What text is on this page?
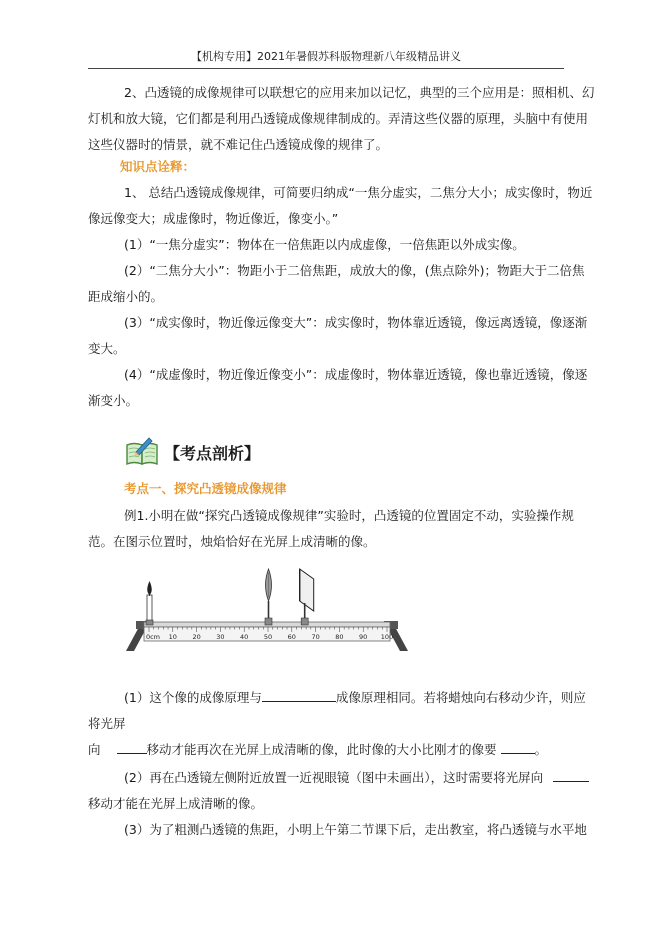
【机构专用】2021年暑假苏科版物理新八年级精品讲义
2、凸透镜的成像规律可以联想它的应用来加以记忆，典型的三个应用是：照相机、幻
灯机和放大镜，它们都是利用凸透镜成像规律制成的。弄清这些仪器的原理，头脑中有使用
这些仪器时的情景，就不难记住凸透镜成像的规律了。
知识点诠释：
1、 总结凸透镜成像规律，可简要归纳成“一焦分虚实，二焦分大小；成实像时，物近
像远像变大；成虚像时，物近像近，像变小。”
(1）“一焦分虚实”：物体在一倍焦距以内成虚像，一倍焦距以外成实像。
(2）“二焦分大小”：物距小于二倍焦距，成放大的像，(焦点除外)；物距大于二倍焦
距成缩小的。
(3）“成实像时，物近像远像变大”：成实像时，物体靠近透镜，像远离透镜，像逐渐
变大。
(4）“成虚像时，物近像近像变小”：成虚像时，物体靠近透镜，像也靠近透镜，像逐
渐变小。
【考点剖析】
考点一、探究凸透镜成像规律
例1.小明在做“探究凸透镜成像规律”实验时，凸透镜的位置固定不动，实验操作规
范。在图示位置时，烛焰恰好在光屏上成清晰的像。
0cm 10 20 30 40 50 60 70 80 90 100
(1）这个像的成像原理与	成像原理相同。若将蜡烛向右移动少许，则应
将光屏
向	移动才能再次在光屏上成清晰的像，此时像的大小比刚才的像要	。
(2）再在凸透镜左侧附近放置一近视眼镜（图中未画出），这时需要将光屏向
移动才能在光屏上成清晰的像。
(3）为了粗测凸透镜的焦距，小明上午第二节课下后，走出教室，将凸透镜与水平地
